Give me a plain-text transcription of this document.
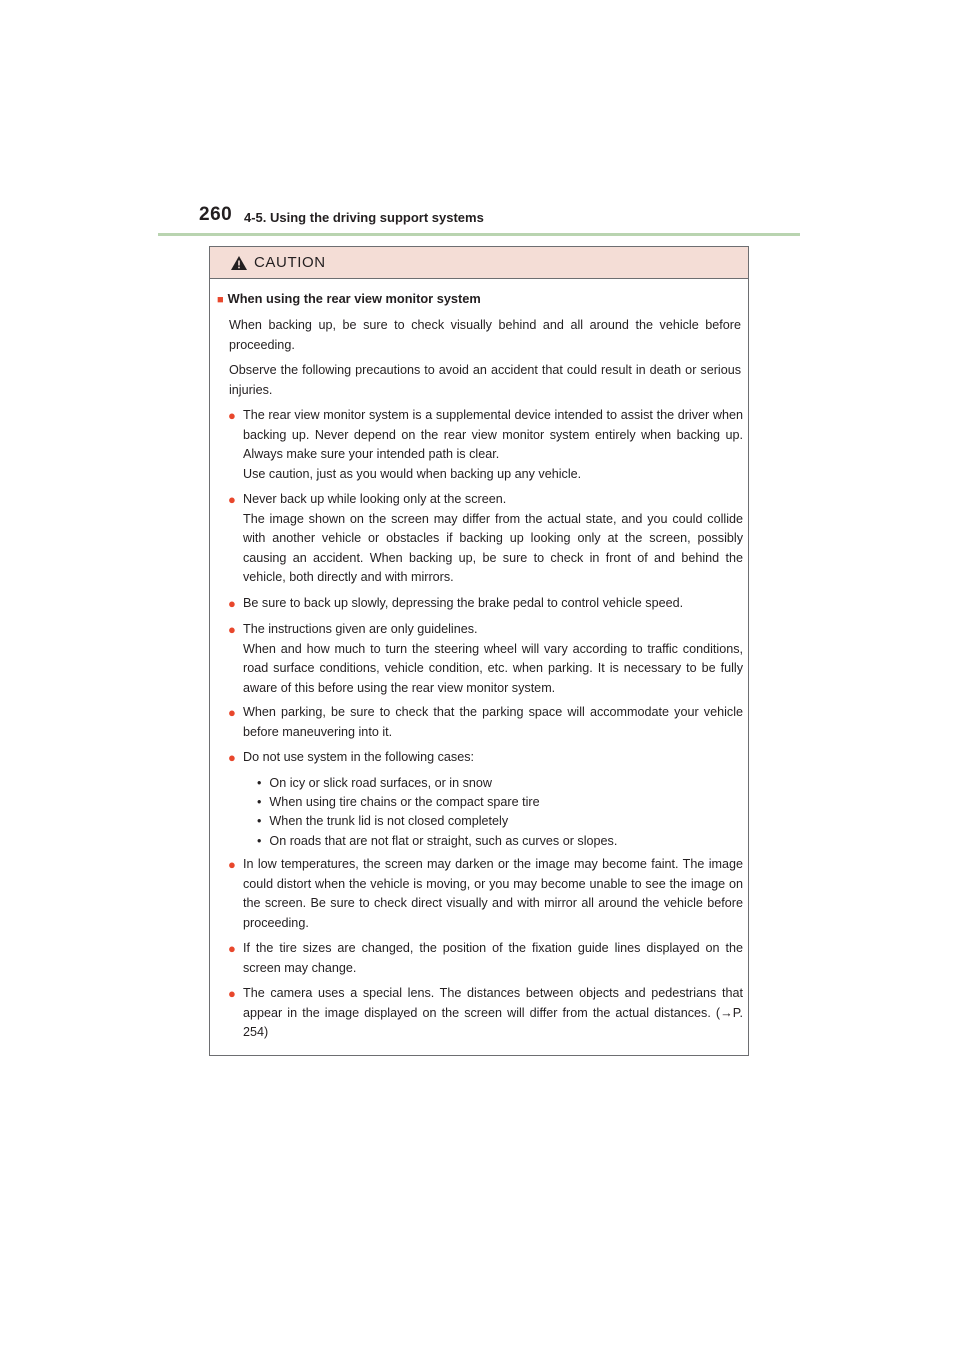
260 4-5. Using the driving support systems
CAUTION
■ When using the rear view monitor system
When backing up, be sure to check visually behind and all around the vehicle before proceeding.
Observe the following precautions to avoid an accident that could result in death or serious injuries.
● The rear view monitor system is a supplemental device intended to assist the driver when backing up. Never depend on the rear view monitor system entirely when backing up. Always make sure your intended path is clear.
Use caution, just as you would when backing up any vehicle.
● Never back up while looking only at the screen.
The image shown on the screen may differ from the actual state, and you could collide with another vehicle or obstacles if backing up looking only at the screen, possibly causing an accident. When backing up, be sure to check in front of and behind the vehicle, both directly and with mirrors.
● Be sure to back up slowly, depressing the brake pedal to control vehicle speed.
● The instructions given are only guidelines.
When and how much to turn the steering wheel will vary according to traffic conditions, road surface conditions, vehicle condition, etc. when parking. It is necessary to be fully aware of this before using the rear view monitor system.
● When parking, be sure to check that the parking space will accommodate your vehicle before maneuvering into it.
● Do not use system in the following cases:
• On icy or slick road surfaces, or in snow
• When using tire chains or the compact spare tire
• When the trunk lid is not closed completely
• On roads that are not flat or straight, such as curves or slopes.
● In low temperatures, the screen may darken or the image may become faint. The image could distort when the vehicle is moving, or you may become unable to see the image on the screen. Be sure to check direct visually and with mirror all around the vehicle before proceeding.
● If the tire sizes are changed, the position of the fixation guide lines displayed on the screen may change.
● The camera uses a special lens. The distances between objects and pedestrians that appear in the image displayed on the screen will differ from the actual distances. (→P. 254)
